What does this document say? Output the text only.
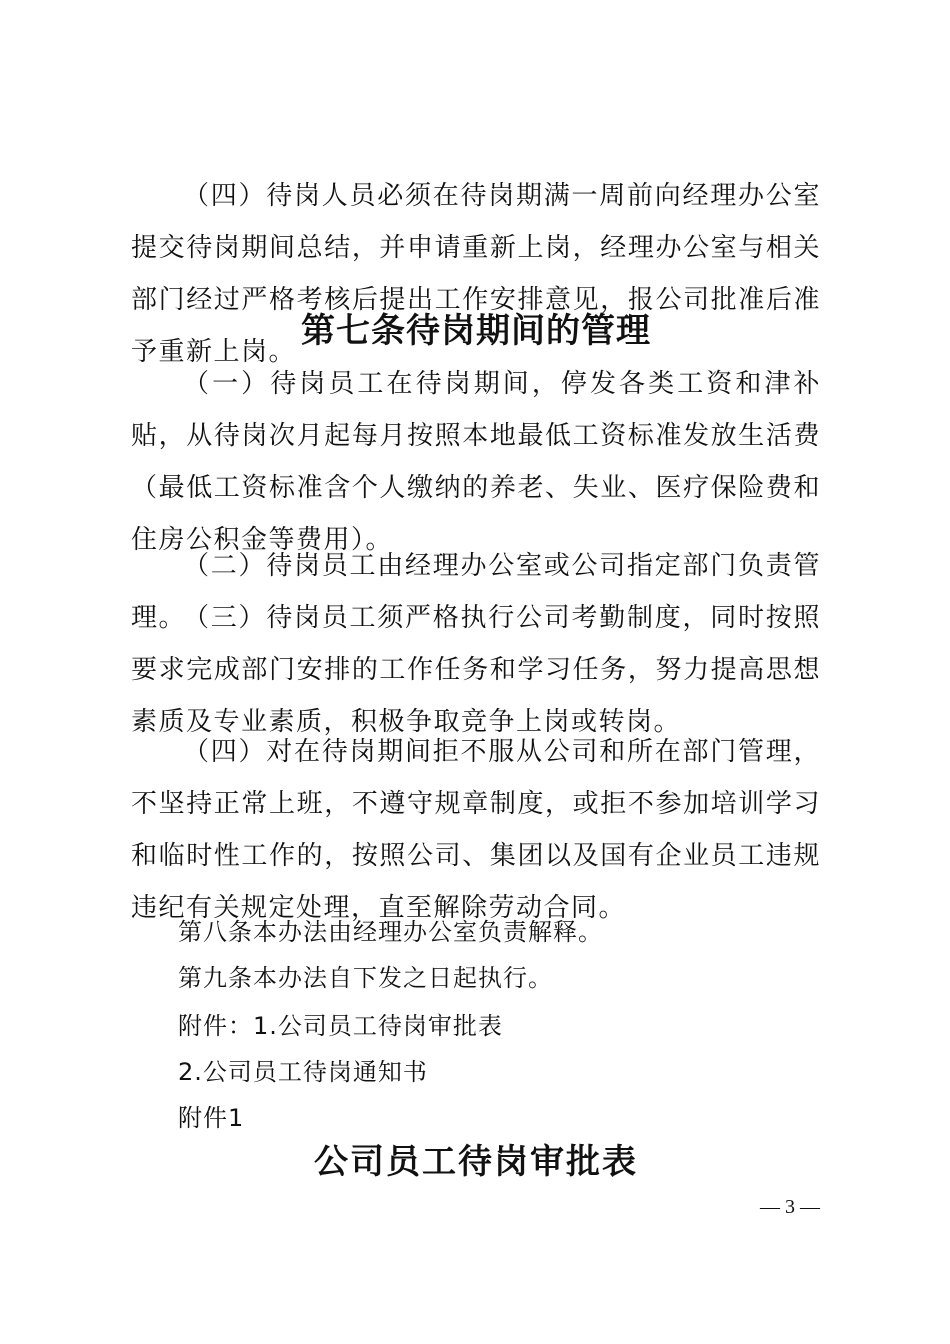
（四）待岗人员必须在待岗期满一周前向经理办公室提交待岗期间总结，并申请重新上岗，经理办公室与相关部门经过严格考核后提出工作安排意见，报公司批准后准予重新上岗。

第七条待岗期间的管理

（一）待岗员工在待岗期间，停发各类工资和津补贴，从待岗次月起每月按照本地最低工资标准发放生活费（最低工资标准含个人缴纳的养老、失业、医疗保险费和住房公积金等费用）。

（二）待岗员工由经理办公室或公司指定部门负责管理。

（三）待岗员工须严格执行公司考勤制度，同时按照要求完成部门安排的工作任务和学习任务，努力提高思想素质及专业素质，积极争取竞争上岗或转岗。

（四）对在待岗期间拒不服从公司和所在部门管理，不坚持正常上班，不遵守规章制度，或拒不参加培训学习和临时性工作的，按照公司、集团以及国有企业员工违规违纪有关规定处理，直至解除劳动合同。

第八条本办法由经理办公室负责解释。

第九条本办法自下发之日起执行。

附件：1.公司员工待岗审批表

2.公司员工待岗通知书

附件1

公司员工待岗审批表

— 3 —
